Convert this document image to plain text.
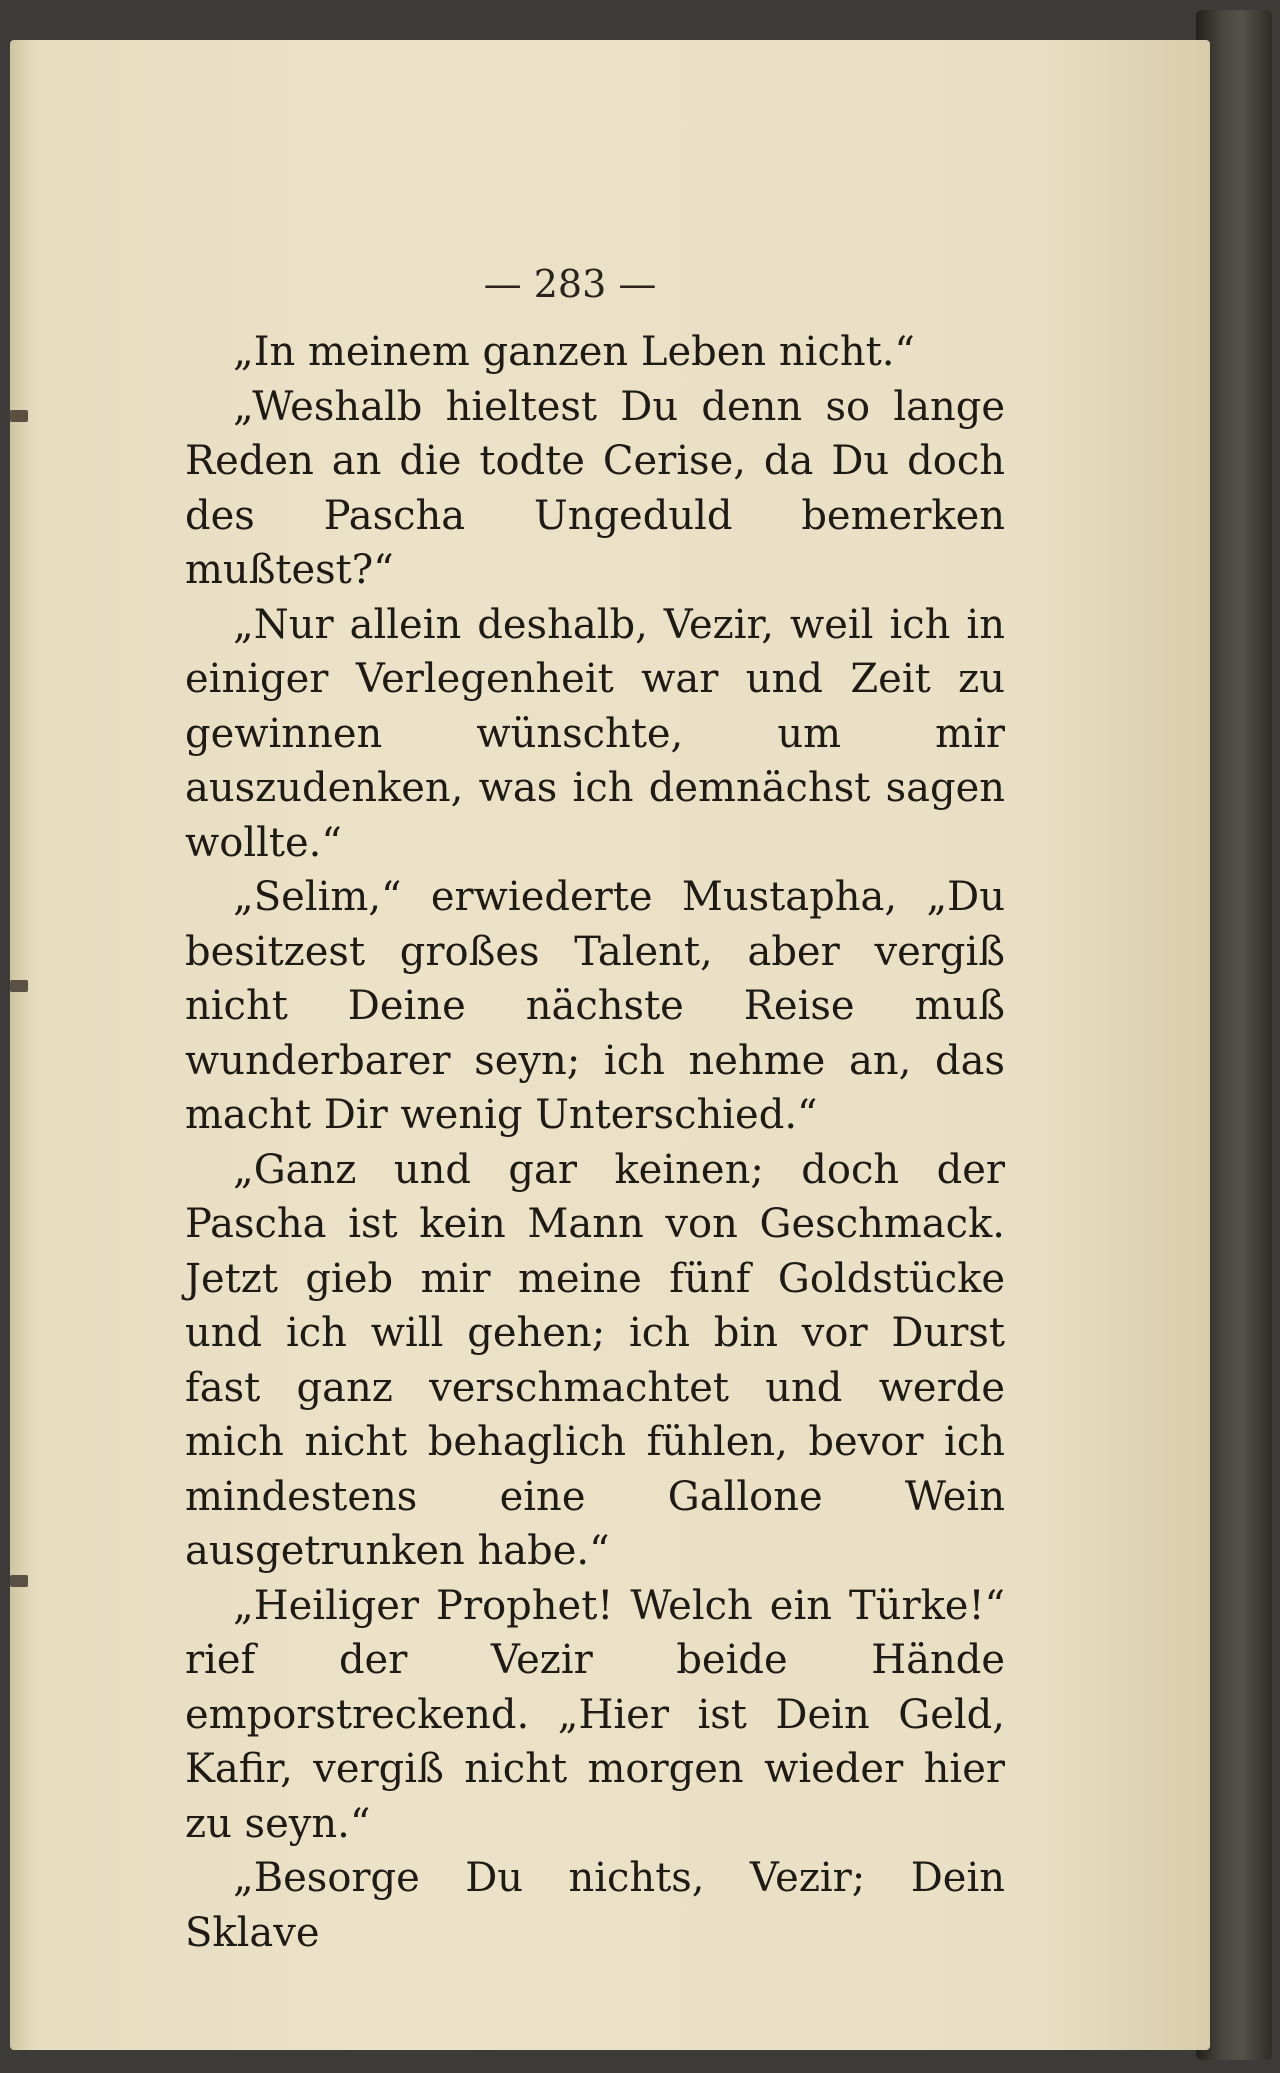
— 283 —

„In meinem ganzen Leben nicht.“

„Weshalb hieltest Du denn so lange Reden an die todte Cerise, da Du doch des Pascha Ungeduld bemerken mußtest?“

„Nur allein deshalb, Vezir, weil ich in einiger Verlegenheit war und Zeit zu gewinnen wünschte, um mir auszudenken, was ich demnächst sagen wollte.“

„Selim,“ erwiederte Mustapha, „Du besitzest großes Talent, aber vergiß nicht Deine nächste Reise muß wunderbarer seyn; ich nehme an, das macht Dir wenig Unterschied.“

„Ganz und gar keinen; doch der Pascha ist kein Mann von Geschmack. Jetzt gieb mir meine fünf Goldstücke und ich will gehen; ich bin vor Durst fast ganz verschmachtet und werde mich nicht behaglich fühlen, bevor ich mindestens eine Gallone Wein ausgetrunken habe.“

„Heiliger Prophet! Welch ein Türke!“ rief der Vezir beide Hände emporstreckend. „Hier ist Dein Geld, Kafir, vergiß nicht morgen wieder hier zu seyn.“

„Besorge Du nichts, Vezir; Dein Sklave
